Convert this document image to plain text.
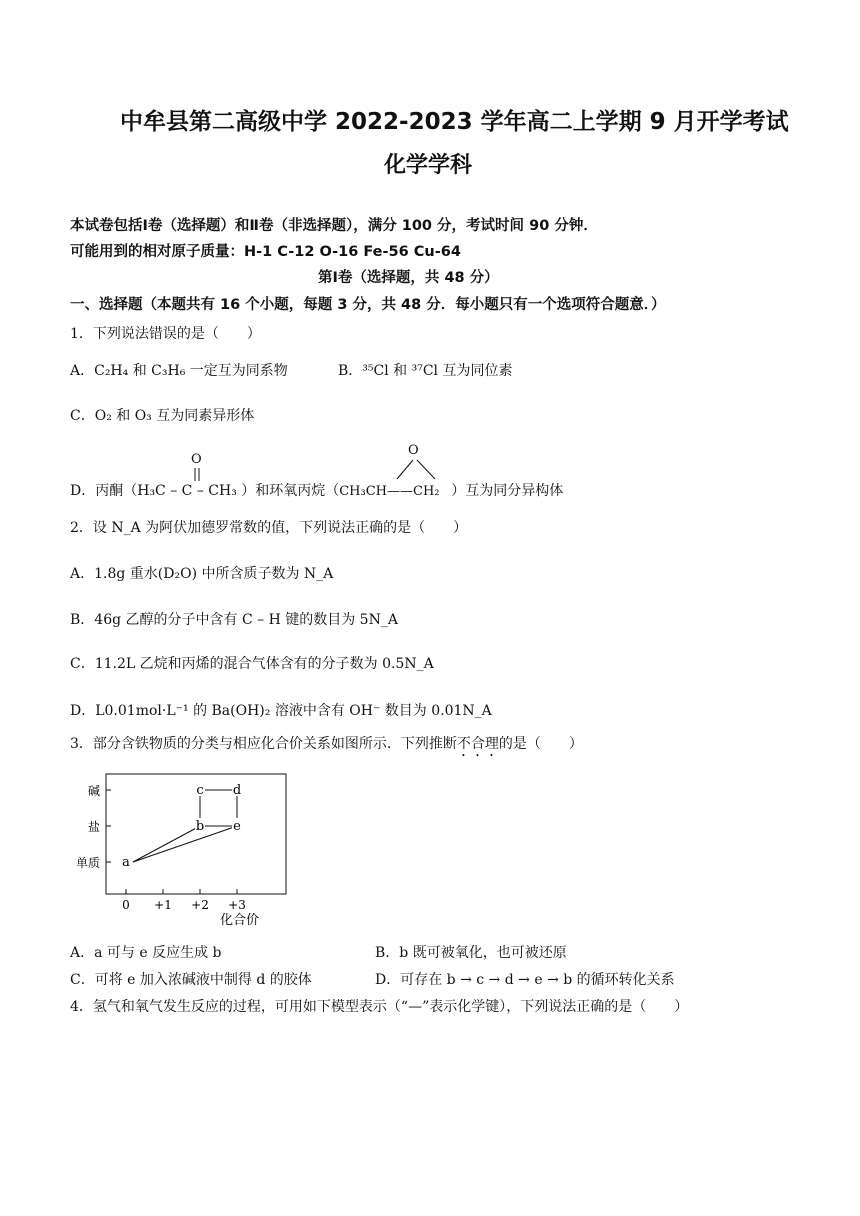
中牟县第二高级中学 2022-2023 学年高二上学期 9 月开学考试
化学学科
本试卷包括Ⅰ卷（选择题）和Ⅱ卷（非选择题），满分 100 分，考试时间 90 分钟．
可能用到的相对原子质量：H-1 C-12 O-16 Fe-56 Cu-64
第Ⅰ卷（选择题，共 48 分）
一、选择题（本题共有 16 个小题，每题 3 分，共 48 分．每小题只有一个选项符合题意．）
1．下列说法错误的是（　　）
A．C₂H₄ 和 C₃H₆ 一定互为同系物	B．³⁵Cl 和 ³⁷Cl 互为同位素
C．O₂ 和 O₃ 互为同素异形体
D．丙酮（H₃C – C – CH₃ ）和环氧丙烷（CH₃CH——CH₂ ）互为同分异构体
O
O
2．设 N_A 为阿伏加德罗常数的值，下列说法正确的是（　　）
A．1.8g 重水(D₂O) 中所含质子数为 N_A
B．46g 乙醇的分子中含有 C – H 键的数目为 5N_A
C．11.2L 乙烷和丙烯的混合气体含有的分子数为 0.5N_A
D．L0.01mol·L⁻¹ 的 Ba(OH)₂ 溶液中含有 OH⁻ 数目为 0.01N_A
3．部分含铁物质的分类与相应化合价关系如图所示．下列推断不合理的是（　　）
单质
盐
碱
0 +1 +2 +3
a
b e
c d
化合价
A．a 可与 e 反应生成 b	B．b 既可被氧化，也可被还原
C．可将 e 加入浓碱液中制得 d 的胶体	D．可存在 b → c → d → e → b 的循环转化关系
4．氢气和氧气发生反应的过程，可用如下模型表示（“—”表示化学键），下列说法正确的是（　　）
